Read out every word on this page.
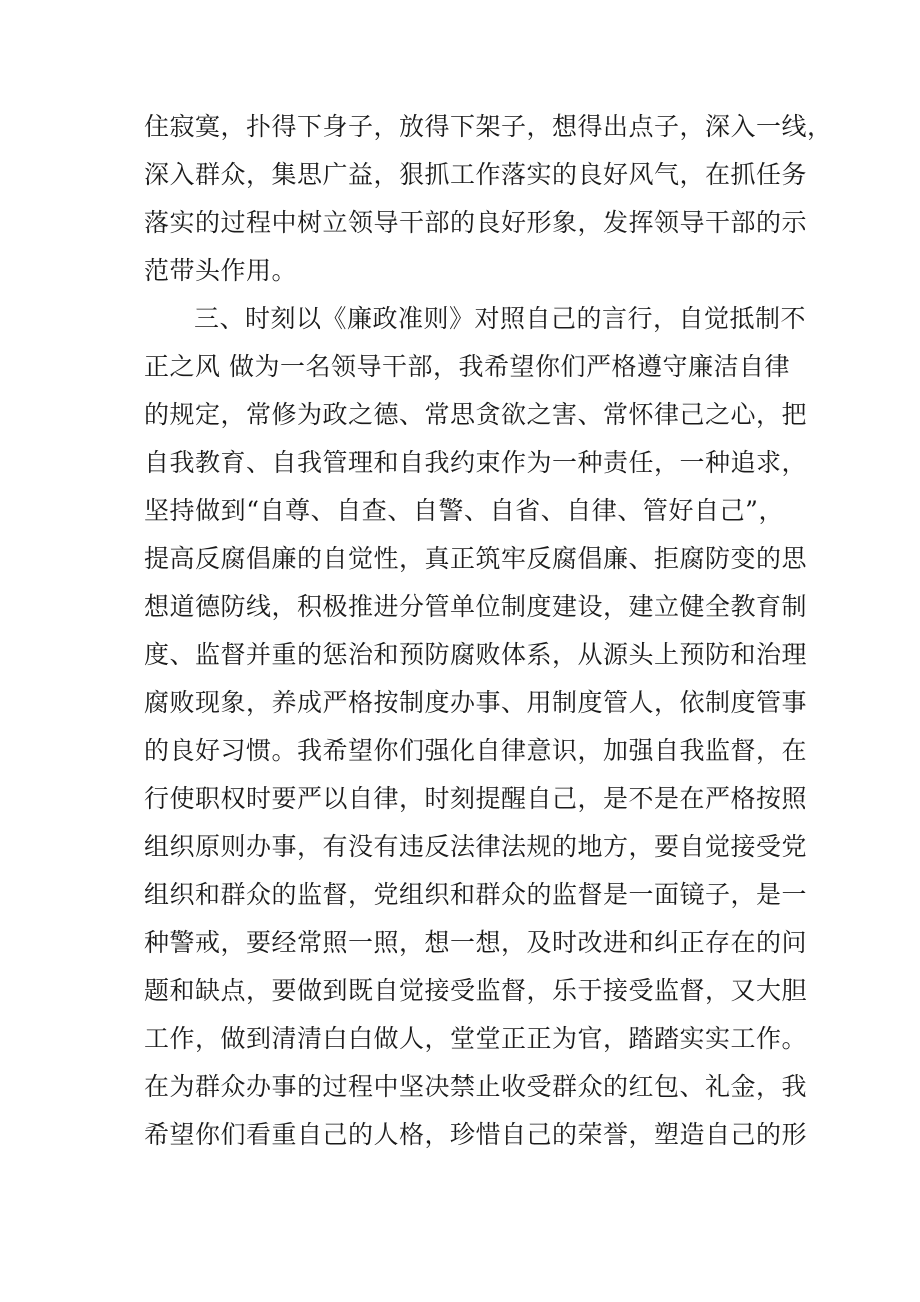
住寂寞，扑得下身子，放得下架子，想得出点子，深入一线，
深入群众，集思广益，狠抓工作落实的良好风气，在抓任务
落实的过程中树立领导干部的良好形象，发挥领导干部的示
范带头作用。
三、时刻以《廉政准则》对照自己的言行，自觉抵制不
正之风 做为一名领导干部，我希望你们严格遵守廉洁自律
的规定，常修为政之德、常思贪欲之害、常怀律己之心，把
自我教育、自我管理和自我约束作为一种责任，一种追求，
坚持做到“自尊、自查、自警、自省、自律、管好自己”，
提高反腐倡廉的自觉性，真正筑牢反腐倡廉、拒腐防变的思
想道德防线，积极推进分管单位制度建设，建立健全教育制
度、监督并重的惩治和预防腐败体系，从源头上预防和治理
腐败现象，养成严格按制度办事、用制度管人，依制度管事
的良好习惯。我希望你们强化自律意识，加强自我监督，在
行使职权时要严以自律，时刻提醒自己，是不是在严格按照
组织原则办事，有没有违反法律法规的地方，要自觉接受党
组织和群众的监督，党组织和群众的监督是一面镜子，是一
种警戒，要经常照一照，想一想，及时改进和纠正存在的问
题和缺点，要做到既自觉接受监督，乐于接受监督，又大胆
工作，做到清清白白做人，堂堂正正为官，踏踏实实工作。
在为群众办事的过程中坚决禁止收受群众的红包、礼金，我
希望你们看重自己的人格，珍惜自己的荣誉，塑造自己的形
